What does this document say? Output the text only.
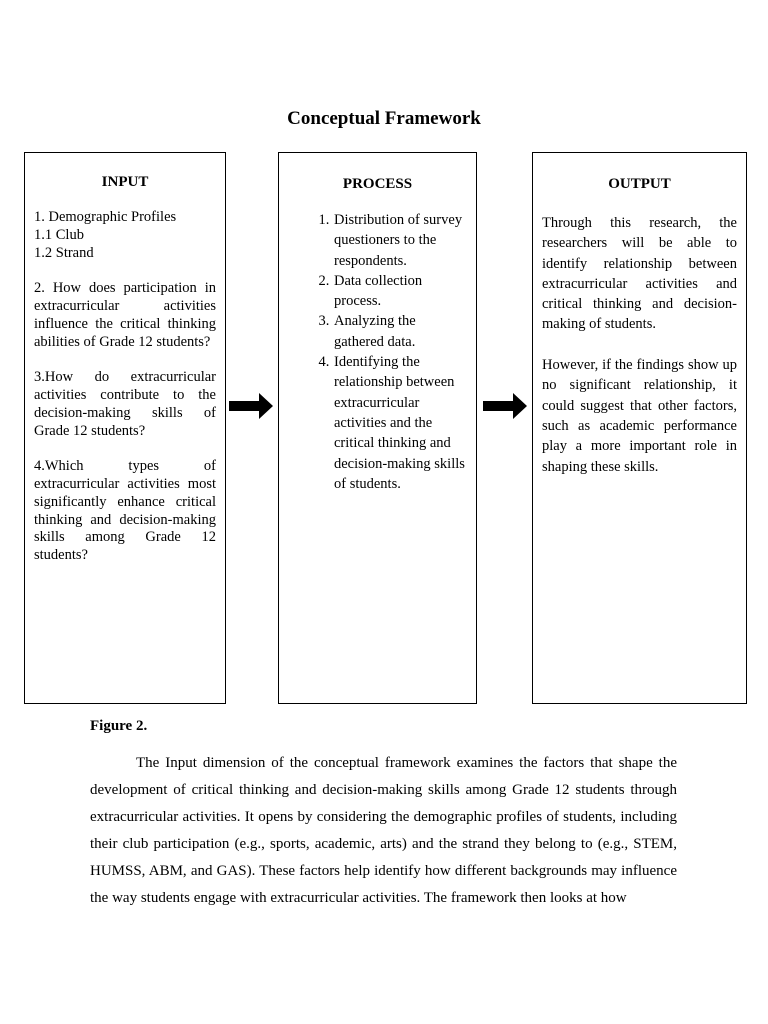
Conceptual Framework
INPUT
1. Demographic Profiles
1.1 Club
1.2 Strand
2. How does participation in extracurricular activities influence the critical thinking abilities of Grade 12 students?
3.How do extracurricular activities contribute to the decision-making skills of Grade 12 students?
4.Which types of extracurricular activities most significantly enhance critical thinking and decision-making skills among Grade 12 students?
PROCESS
1. Distribution of survey questioners to the respondents.
2. Data collection process.
3. Analyzing the gathered data.
4. Identifying the relationship between extracurricular activities and the critical thinking and decision-making skills of students.
OUTPUT

Through this research, the researchers will be able to identify relationship between extracurricular activities and critical thinking and decision-making of students.

However, if the findings show up no significant relationship, it could suggest that other factors, such as academic performance play a more important role in shaping these skills.

Figure 2.

The Input dimension of the conceptual framework examines the factors that shape the development of critical thinking and decision-making skills among Grade 12 students through extracurricular activities. It opens by considering the demographic profiles of students, including their club participation (e.g., sports, academic, arts) and the strand they belong to (e.g., STEM, HUMSS, ABM, and GAS). These factors help identify how different backgrounds may influence the way students engage with extracurricular activities. The framework then looks at how
